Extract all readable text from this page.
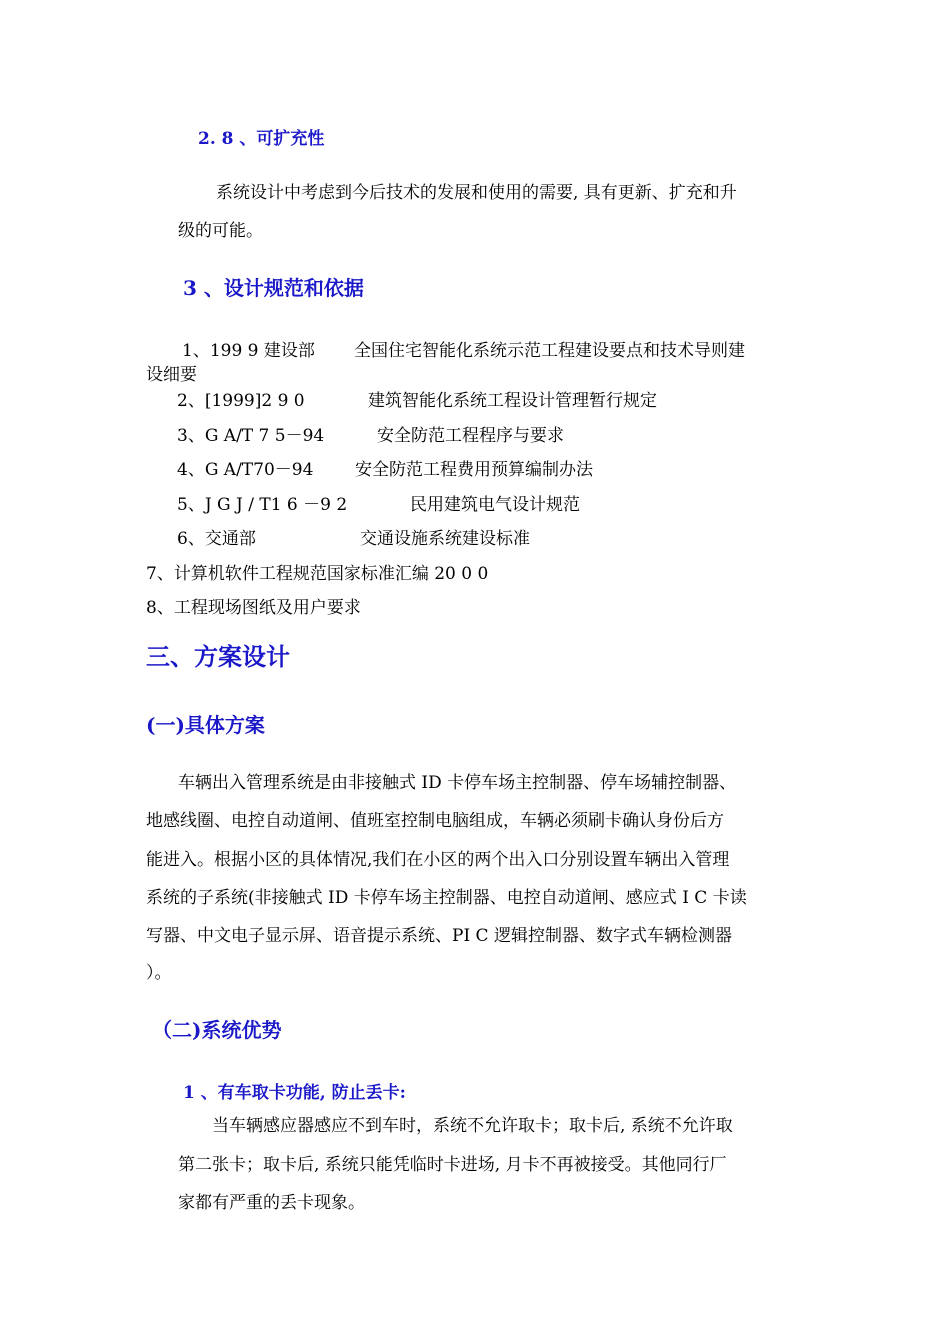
2. 8 、可扩充性
系统设计中考虑到今后技术的发展和使用的需要, 具有更新、扩充和升
级的可能。
3 、设计规范和依据
1、199 9 建设部 全国住宅智能化系统示范工程建设要点和技术导则建
设细要
2、[1999]2 9 0	建筑智能化系统工程设计管理暂行规定
3、G A/T 7 5－94	安全防范工程程序与要求
4、G A/T70－94 安全防范工程费用预算编制办法
5、J G J / T1 6 －9 2	民用建筑电气设计规范
6、交通部	交通设施系统建设标准
7、计算机软件工程规范国家标准汇编 20 0 0
8、工程现场图纸及用户要求
三、方案设计
(一)具体方案
车辆出入管理系统是由非接触式 ID 卡停车场主控制器、停车场辅控制器、
地感线圈、电控自动道闸、值班室控制电脑组成，车辆必须刷卡确认身份后方
能进入。根据小区的具体情况,我们在小区的两个出入口分别设置车辆出入管理
系统的子系统(非接触式 ID 卡停车场主控制器、电控自动道闸、感应式 I C 卡读
写器、中文电子显示屏、语音提示系统、PI C 逻辑控制器、数字式车辆检测器
）。
（二)系统优势
1 、有车取卡功能, 防止丢卡:
当车辆感应器感应不到车时，系统不允许取卡；取卡后, 系统不允许取
第二张卡；取卡后, 系统只能凭临时卡进场, 月卡不再被接受。其他同行厂
家都有严重的丢卡现象。
